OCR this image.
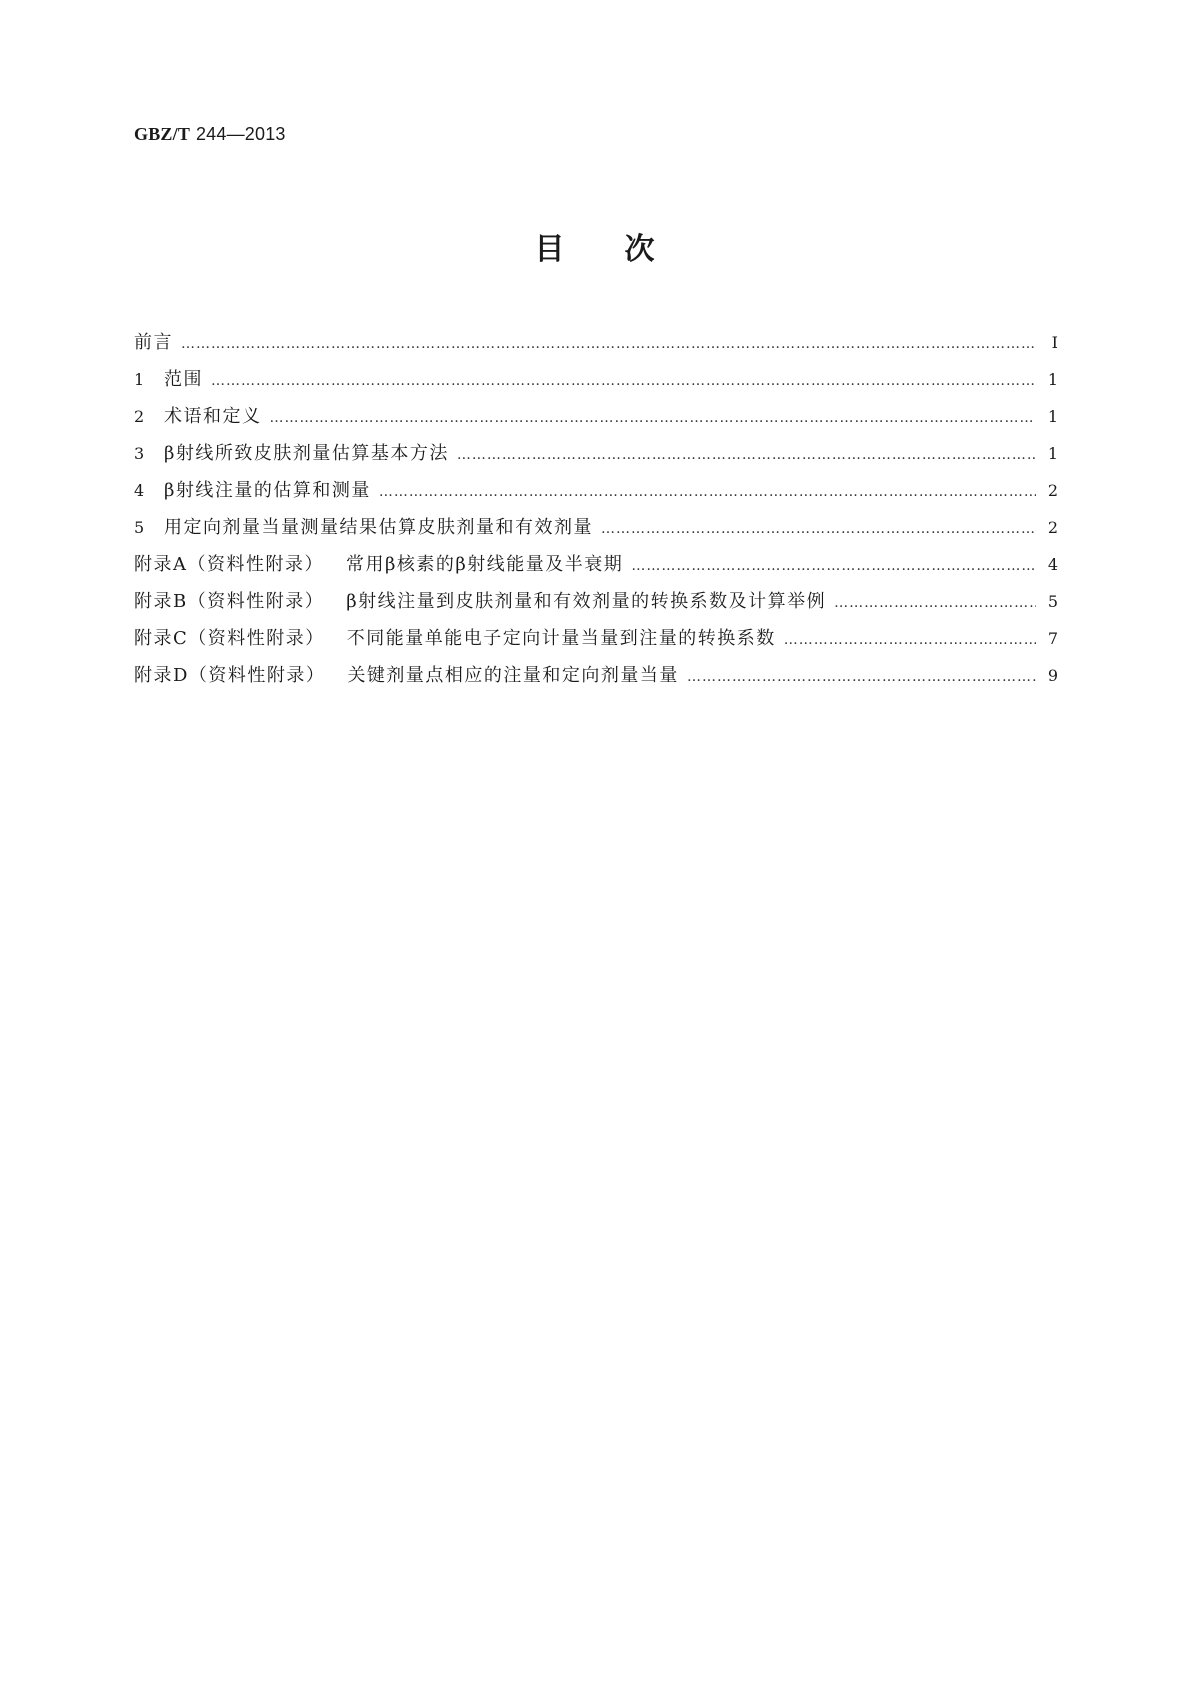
GBZ/T 244—2013
目 次
前言 …………………………………………………………………………………………………………………………………………………………………………………………………………	Ⅰ
1 范围 …………………………………………………………………………………………………………………………………………………………………………………………………………	1
2 术语和定义 …………………………………………………………………………………………………………………………………………………………………………………………………………	1
3 β射线所致皮肤剂量估算基本方法 …………………………………………………………………………………………………………………………………………………………………………………………………………	1
4 β射线注量的估算和测量 …………………………………………………………………………………………………………………………………………………………………………………………………………	2
5 用定向剂量当量测量结果估算皮肤剂量和有效剂量 …………………………………………………………………………………………………………………………………………………………………………………………………………	2
附录A（资料性附录） 常用β核素的β射线能量及半衰期 …………………………………………………………………………………………………………………………………………………………………………………………………………	4
附录B（资料性附录） β射线注量到皮肤剂量和有效剂量的转换系数及计算举例 …………………………………………………………………………………………………………………………………………………………………………………………………………	5
附录C（资料性附录） 不同能量单能电子定向计量当量到注量的转换系数 …………………………………………………………………………………………………………………………………………………………………………………………………………	7
附录D（资料性附录） 关键剂量点相应的注量和定向剂量当量 …………………………………………………………………………………………………………………………………………………………………………………………………………	9
